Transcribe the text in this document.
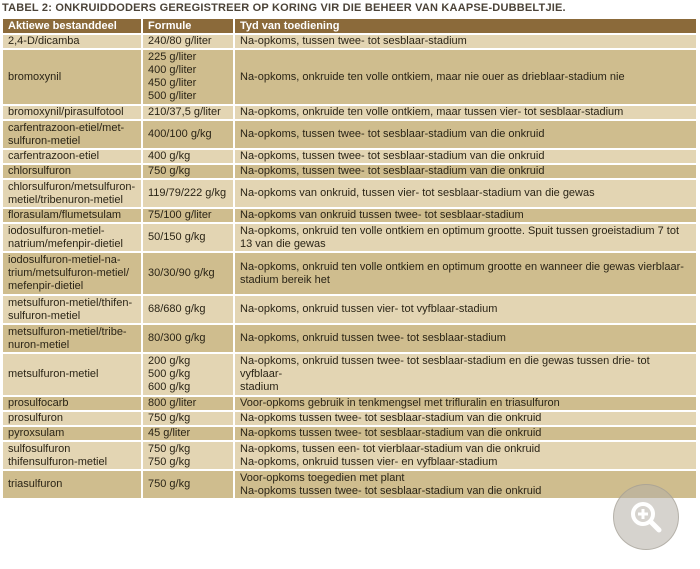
TABEL 2: ONKRUIDDODERS GEREGISTREER OP KORING VIR DIE BEHEER VAN KAAPSE-DUBBELTJIE.
Aktiewe bestanddeel	Formule	Tyd van toediening

2,4-D/dicamba	240/80 g/liter	Na-opkoms, tussen twee- tot sesblaar-stadium

bromoxynil	225 g/liter
400 g/liter
450 g/liter
500 g/liter	Na-opkoms, onkruide ten volle ontkiem, maar nie ouer as drieblaar-stadium nie

bromoxynil/pirasulfotool	210/37,5 g/liter	Na-opkoms, onkruide ten volle ontkiem, maar tussen vier- tot sesblaar-stadium

carfentrazoon-etiel/met-
sulfuron-metiel	400/100 g/kg	Na-opkoms, tussen twee- tot sesblaar-stadium van die onkruid

carfentrazoon-etiel	400 g/kg	Na-opkoms, tussen twee- tot sesblaar-stadium van die onkruid

chlorsulfuron	750 g/kg	Na-opkoms, tussen twee- tot sesblaar-stadium van die onkruid

chlorsulfuron/metsulfuron-
metiel/tribenuron-metiel	119/79/222 g/kg	Na-opkoms van onkruid, tussen vier- tot sesblaar-stadium van die gewas

florasulam/flumetsulam	75/100 g/liter	Na-opkoms van onkruid tussen twee- tot sesblaar-stadium

iodosulfuron-metiel-
natrium/mefenpir-dietiel	50/150 g/kg	Na-opkoms, onkruid ten volle ontkiem en optimum grootte. Spuit tussen groeistadium 7 tot
13 van die gewas

iodosulfuron-metiel-na-
trium/metsulfuron-metiel/
mefenpir-dietiel	30/30/90 g/kg	Na-opkoms, onkruid ten volle ontkiem en optimum grootte en wanneer die gewas vierblaar-
stadium bereik het

metsulfuron-metiel/thifen-
sulfuron-metiel	68/680 g/kg	Na-opkoms, onkruid tussen vier- tot vyfblaar-stadium

metsulfuron-metiel/tribe-
nuron-metiel	80/300 g/kg	Na-opkoms, onkruid tussen twee- tot sesblaar-stadium

metsulfuron-metiel	200 g/kg
500 g/kg
600 g/kg	Na-opkoms, onkruid tussen twee- tot sesblaar-stadium en die gewas tussen drie- tot vyfblaar-
stadium

prosulfocarb	800 g/liter	Voor-opkoms gebruik in tenkmengsel met trifluralin en triasulfuron

prosulfuron	750 g/kg	Na-opkoms tussen twee- tot sesblaar-stadium van die onkruid

pyroxsulam	45 g/liter	Na-opkoms tussen twee- tot sesblaar-stadium van die onkruid

sulfosulfuron
thifensulfuron-metiel	750 g/kg
750 g/kg	Na-opkoms, tussen een- tot vierblaar-stadium van die onkruid
Na-opkoms, onkruid tussen vier- en vyfblaar-stadium

triasulfuron	750 g/kg	Voor-opkoms toegedien met plant
Na-opkoms tussen twee- tot sesblaar-stadium van die onkruid
